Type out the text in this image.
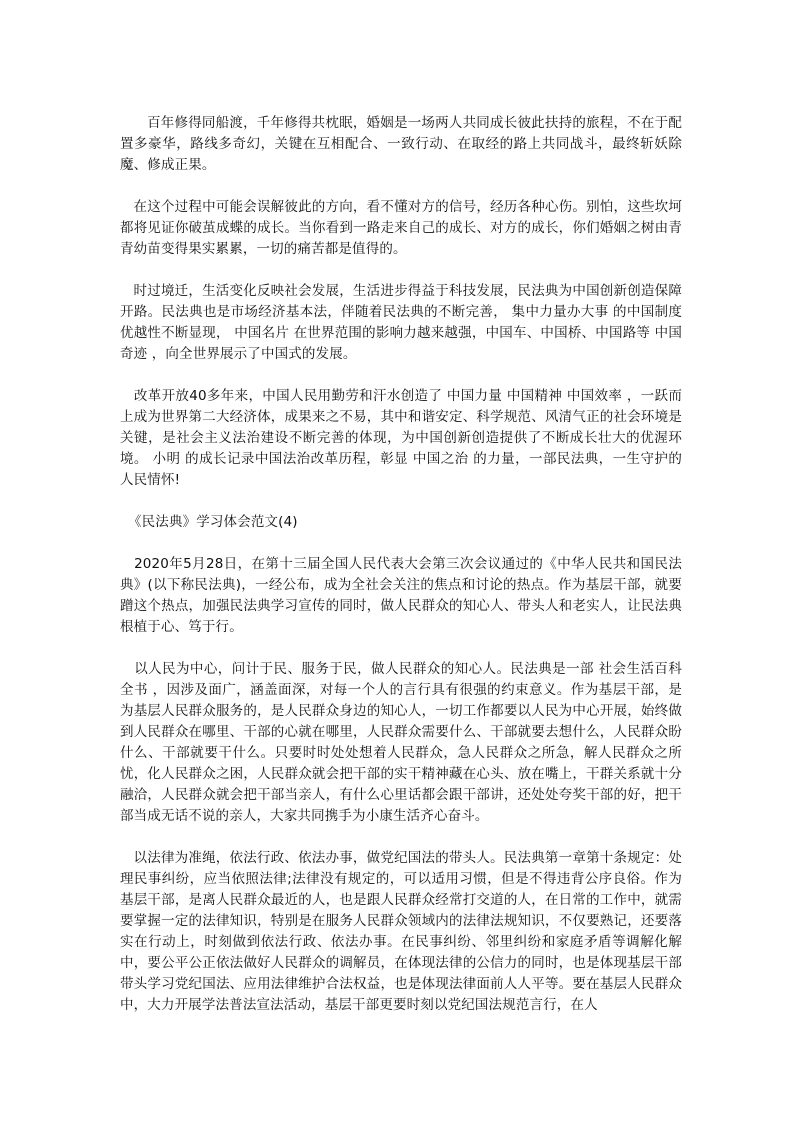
百年修得同船渡，千年修得共枕眠，婚姻是一场两人共同成长彼此扶持的旅程，不在于配置多豪华，路线多奇幻，关键在互相配合、一致行动、在取经的路上共同战斗，最终斩妖除魔、修成正果。

在这个过程中可能会误解彼此的方向，看不懂对方的信号，经历各种心伤。别怕，这些坎坷都将见证你破茧成蝶的成长。当你看到一路走来自己的成长、对方的成长，你们婚姻之树由青青幼苗变得果实累累，一切的痛苦都是值得的。

时过境迁，生活变化反映社会发展，生活进步得益于科技发展，民法典为中国创新创造保障开路。民法典也是市场经济基本法，伴随着民法典的不断完善， 集中力量办大事 的中国制度优越性不断显现， 中国名片 在世界范围的影响力越来越强，中国车、中国桥、中国路等 中国奇迹 ，向全世界展示了中国式的发展。

改革开放40多年来，中国人民用勤劳和汗水创造了 中国力量 中国精神 中国效率 ，一跃而上成为世界第二大经济体，成果来之不易，其中和谐安定、科学规范、风清气正的社会环境是关键，是社会主义法治建设不断完善的体现，为中国创新创造提供了不断成长壮大的优渥环境。 小明 的成长记录中国法治改革历程，彰显 中国之治 的力量，一部民法典，一生守护的人民情怀!

《民法典》学习体会范文(4)

2020年5月28日，在第十三届全国人民代表大会第三次会议通过的《中华人民共和国民法典》(以下称民法典)，一经公布，成为全社会关注的焦点和讨论的热点。作为基层干部，就要蹭这个热点，加强民法典学习宣传的同时，做人民群众的知心人、带头人和老实人，让民法典根植于心、笃于行。

以人民为中心，问计于民、服务于民，做人民群众的知心人。民法典是一部 社会生活百科全书 ，因涉及面广，涵盖面深，对每一个人的言行具有很强的约束意义。作为基层干部，是为基层人民群众服务的，是人民群众身边的知心人，一切工作都要以人民为中心开展，始终做到人民群众在哪里、干部的心就在哪里，人民群众需要什么、干部就要去想什么，人民群众盼什么、干部就要干什么。只要时时处处想着人民群众，急人民群众之所急，解人民群众之所忧，化人民群众之困，人民群众就会把干部的实干精神藏在心头、放在嘴上，干群关系就十分融洽，人民群众就会把干部当亲人，有什么心里话都会跟干部讲，还处处夸奖干部的好，把干部当成无话不说的亲人，大家共同携手为小康生活齐心奋斗。

以法律为准绳，依法行政、依法办事，做党纪国法的带头人。民法典第一章第十条规定：处理民事纠纷，应当依照法律;法律没有规定的，可以适用习惯，但是不得违背公序良俗。作为基层干部，是离人民群众最近的人，也是跟人民群众经常打交道的人，在日常的工作中，就需要掌握一定的法律知识，特别是在服务人民群众领域内的法律法规知识，不仅要熟记，还要落实在行动上，时刻做到依法行政、依法办事。在民事纠纷、邻里纠纷和家庭矛盾等调解化解中，要公平公正依法做好人民群众的调解员，在体现法律的公信力的同时，也是体现基层干部带头学习党纪国法、应用法律维护合法权益，也是体现法律面前人人平等。要在基层人民群众中，大力开展学法普法宣法活动，基层干部更要时刻以党纪国法规范言行，在人
